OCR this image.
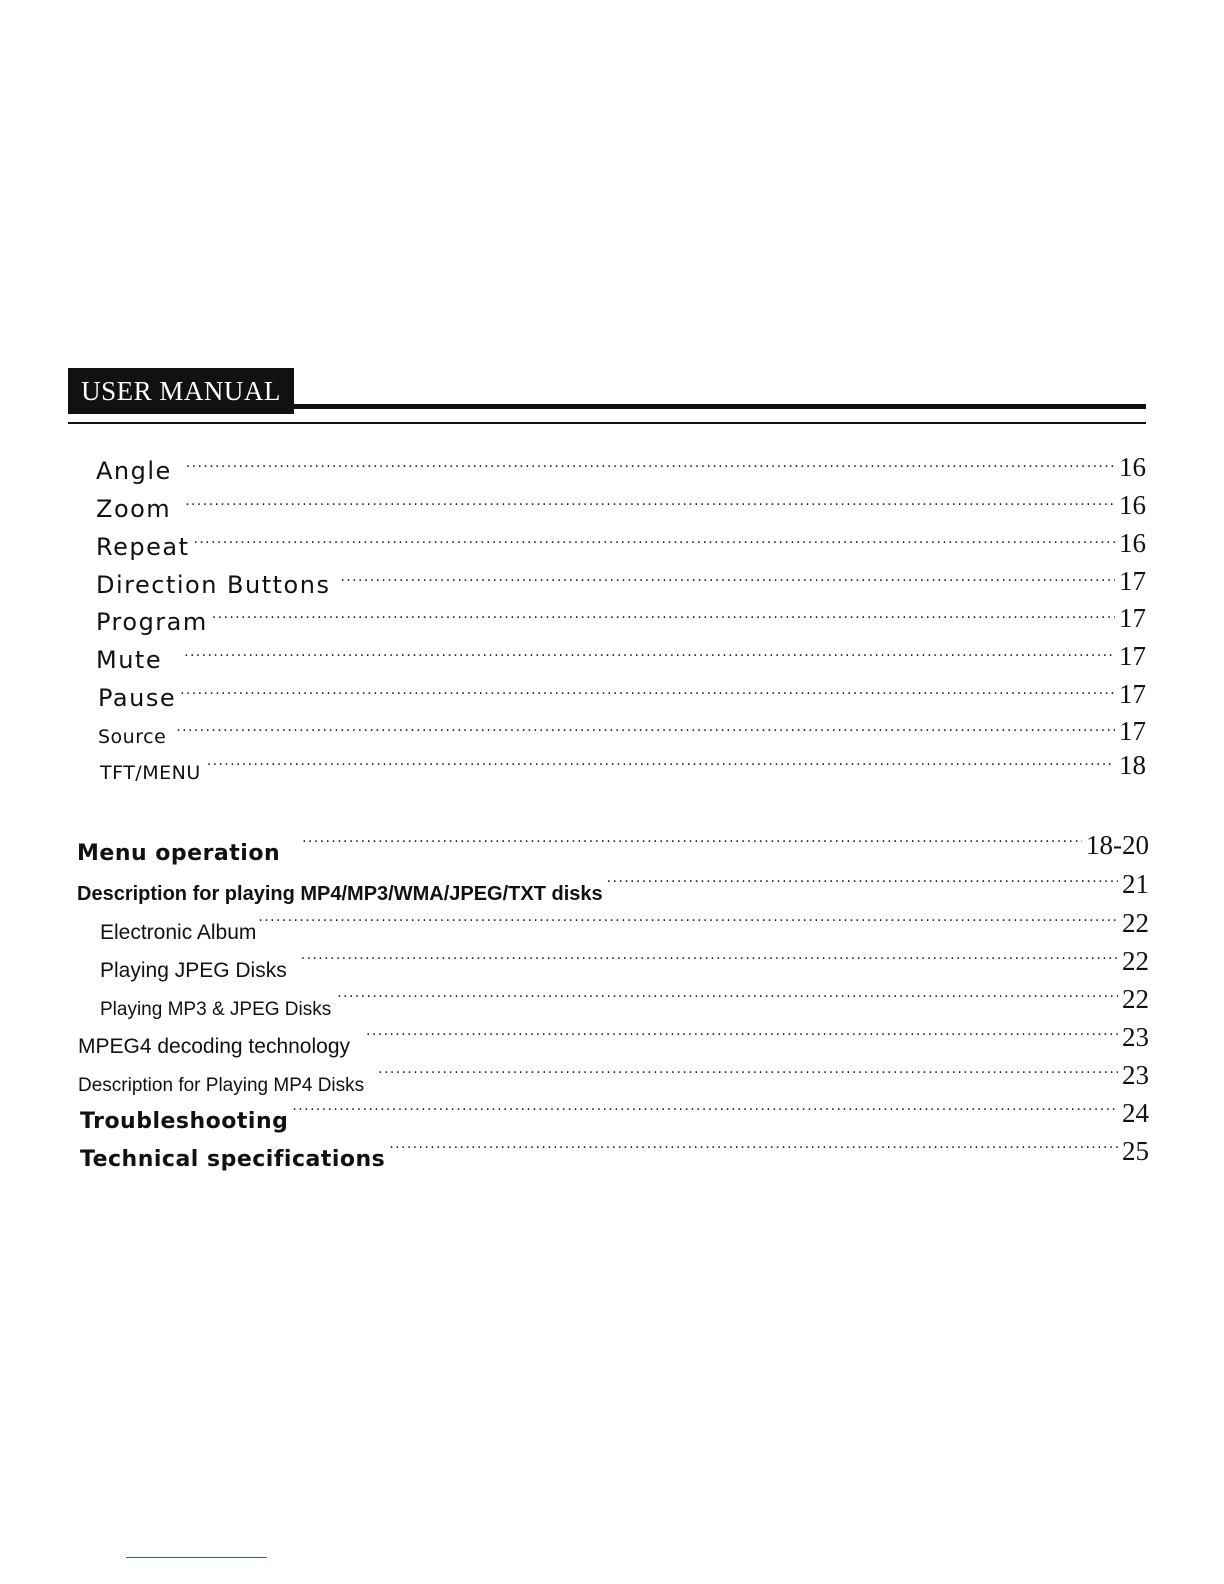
USER MANUAL
Angle ·····	16
Zoom ·····	16
Repeat ·····	16
Direction Buttons ·····	17
Program ·····	17
Mute ·····	17
Pause ·····	17
Source ·····	17
TFT/MENU ·····	18
Menu operation ·····	18-20
Description for playing MP4/MP3/WMA/JPEG/TXT disks ·····	21
Electronic Album ·····	22
Playing JPEG Disks ·····	22
Playing MP3 & JPEG Disks ·····	22
MPEG4 decoding technology ·····	23
Description for Playing MP4 Disks ·····	23
Troubleshooting ·····	24
Technical specifications ·····	25
